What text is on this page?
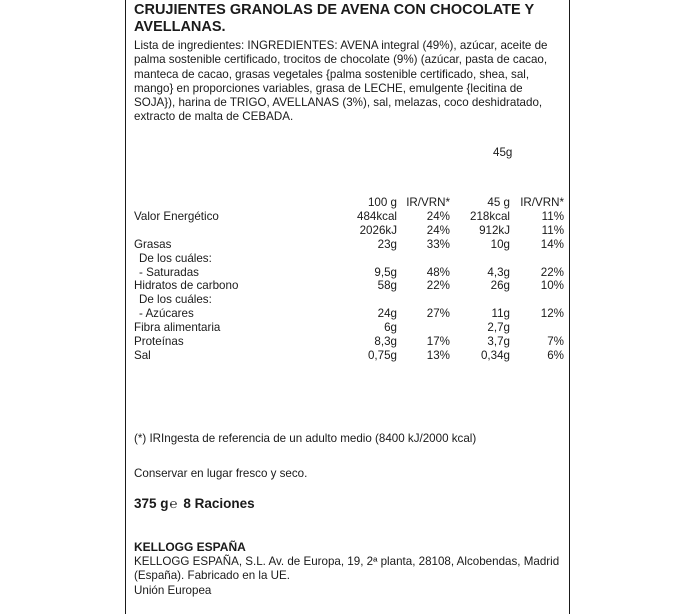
CRUJIENTES GRANOLAS DE AVENA CON CHOCOLATE Y AVELLANAS.
Lista de ingredientes: INGREDIENTES: AVENA integral (49%), azúcar, aceite de palma sostenible certificado, trocitos de chocolate (9%) (azúcar, pasta de cacao, manteca de cacao, grasas vegetales {palma sostenible certificado, shea, sal, mango} en proporciones variables, grasa de LECHE, emulgente {lecitina de SOJA}), harina de TRIGO, AVELLANAS (3%), sal, melazas, coco deshidratado, extracto de malta de CEBADA.
45g
	100 g	IR/VRN*	45 g	IR/VRN*
Valor Energético	484kcal	24%	218kcal	11%
	2026kJ	24%	912kJ	11%
Grasas	23g	33%	10g	14%
De los cuáles:				
- Saturadas	9,5g	48%	4,3g	22%
Hidratos de carbono	58g	22%	26g	10%
De los cuáles:				
- Azúcares	24g	27%	11g	12%
Fibra alimentaria	6g		2,7g	
Proteínas	8,3g	17%	3,7g	7%
Sal	0,75g	13%	0,34g	6%
(*) IRIngesta de referencia de un adulto medio (8400 kJ/2000 kcal)
Conservar en lugar fresco y seco.
375 g ℮ 8 Raciones
KELLOGG ESPAÑA
KELLOGG ESPAÑA, S.L. Av. de Europa, 19, 2ª planta, 28108, Alcobendas, Madrid (España). Fabricado en la UE.
Unión Europea
